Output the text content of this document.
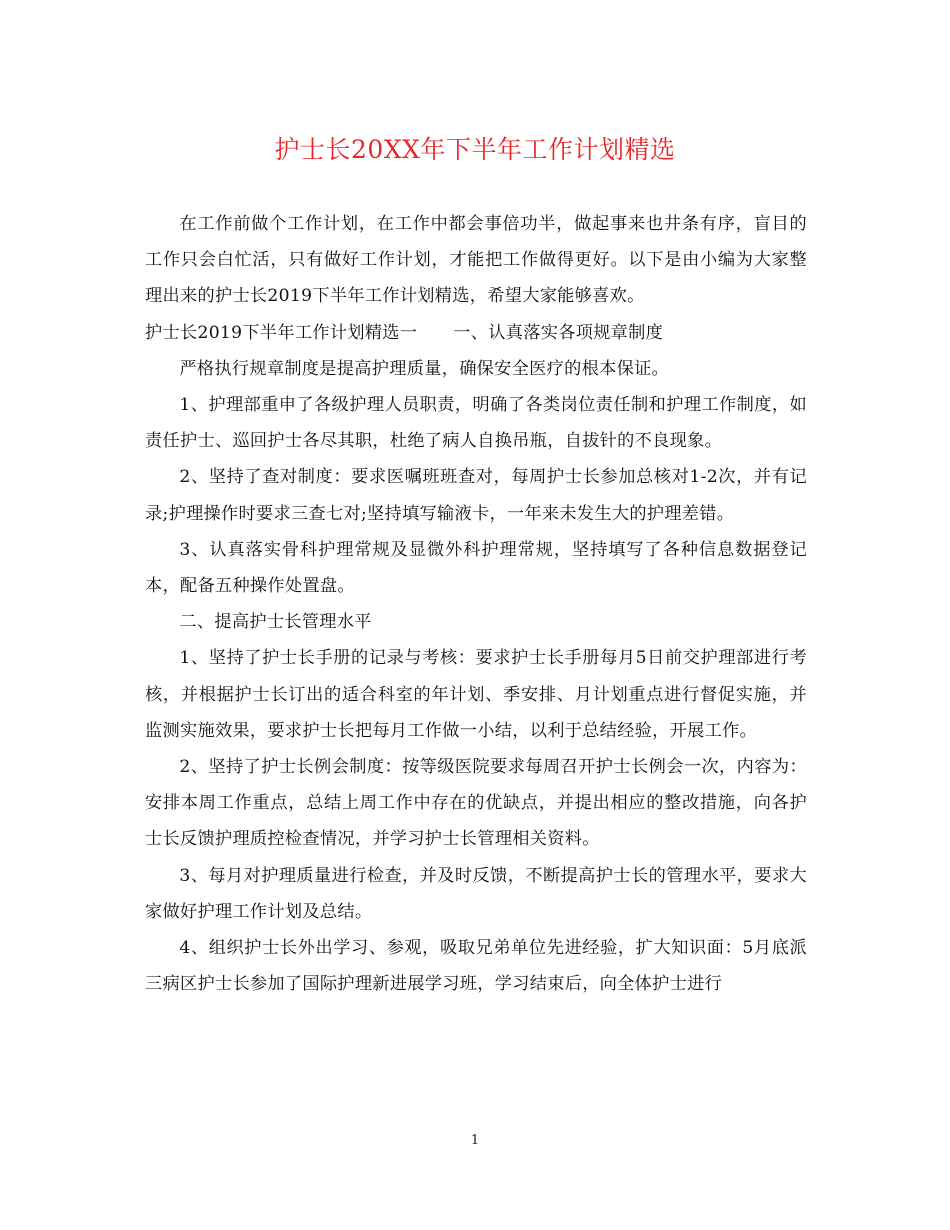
护士长20XX年下半年工作计划精选

在工作前做个工作计划，在工作中都会事倍功半，做起事来也井条有序，盲目的工作只会白忙活，只有做好工作计划，才能把工作做得更好。以下是由小编为大家整理出来的护士长2019下半年工作计划精选，希望大家能够喜欢。

护士长2019下半年工作计划精选一 一、认真落实各项规章制度

严格执行规章制度是提高护理质量，确保安全医疗的根本保证。

1、护理部重申了各级护理人员职责，明确了各类岗位责任制和护理工作制度，如责任护士、巡回护士各尽其职，杜绝了病人自换吊瓶，自拔针的不良现象。

2、坚持了查对制度：要求医嘱班班查对，每周护士长参加总核对1-2次，并有记录;护理操作时要求三查七对;坚持填写输液卡，一年来未发生大的护理差错。

3、认真落实骨科护理常规及显微外科护理常规，坚持填写了各种信息数据登记本，配备五种操作处置盘。

二、提高护士长管理水平

1、坚持了护士长手册的记录与考核：要求护士长手册每月5日前交护理部进行考核，并根据护士长订出的适合科室的年计划、季安排、月计划重点进行督促实施，并监测实施效果，要求护士长把每月工作做一小结，以利于总结经验，开展工作。

2、坚持了护士长例会制度：按等级医院要求每周召开护士长例会一次，内容为：安排本周工作重点，总结上周工作中存在的优缺点，并提出相应的整改措施，向各护士长反馈护理质控检查情况，并学习护士长管理相关资料。

3、每月对护理质量进行检查，并及时反馈，不断提高护士长的管理水平，要求大家做好护理工作计划及总结。

4、组织护士长外出学习、参观，吸取兄弟单位先进经验，扩大知识面：5月底派三病区护士长参加了国际护理新进展学习班，学习结束后，向全体护士进行

1
